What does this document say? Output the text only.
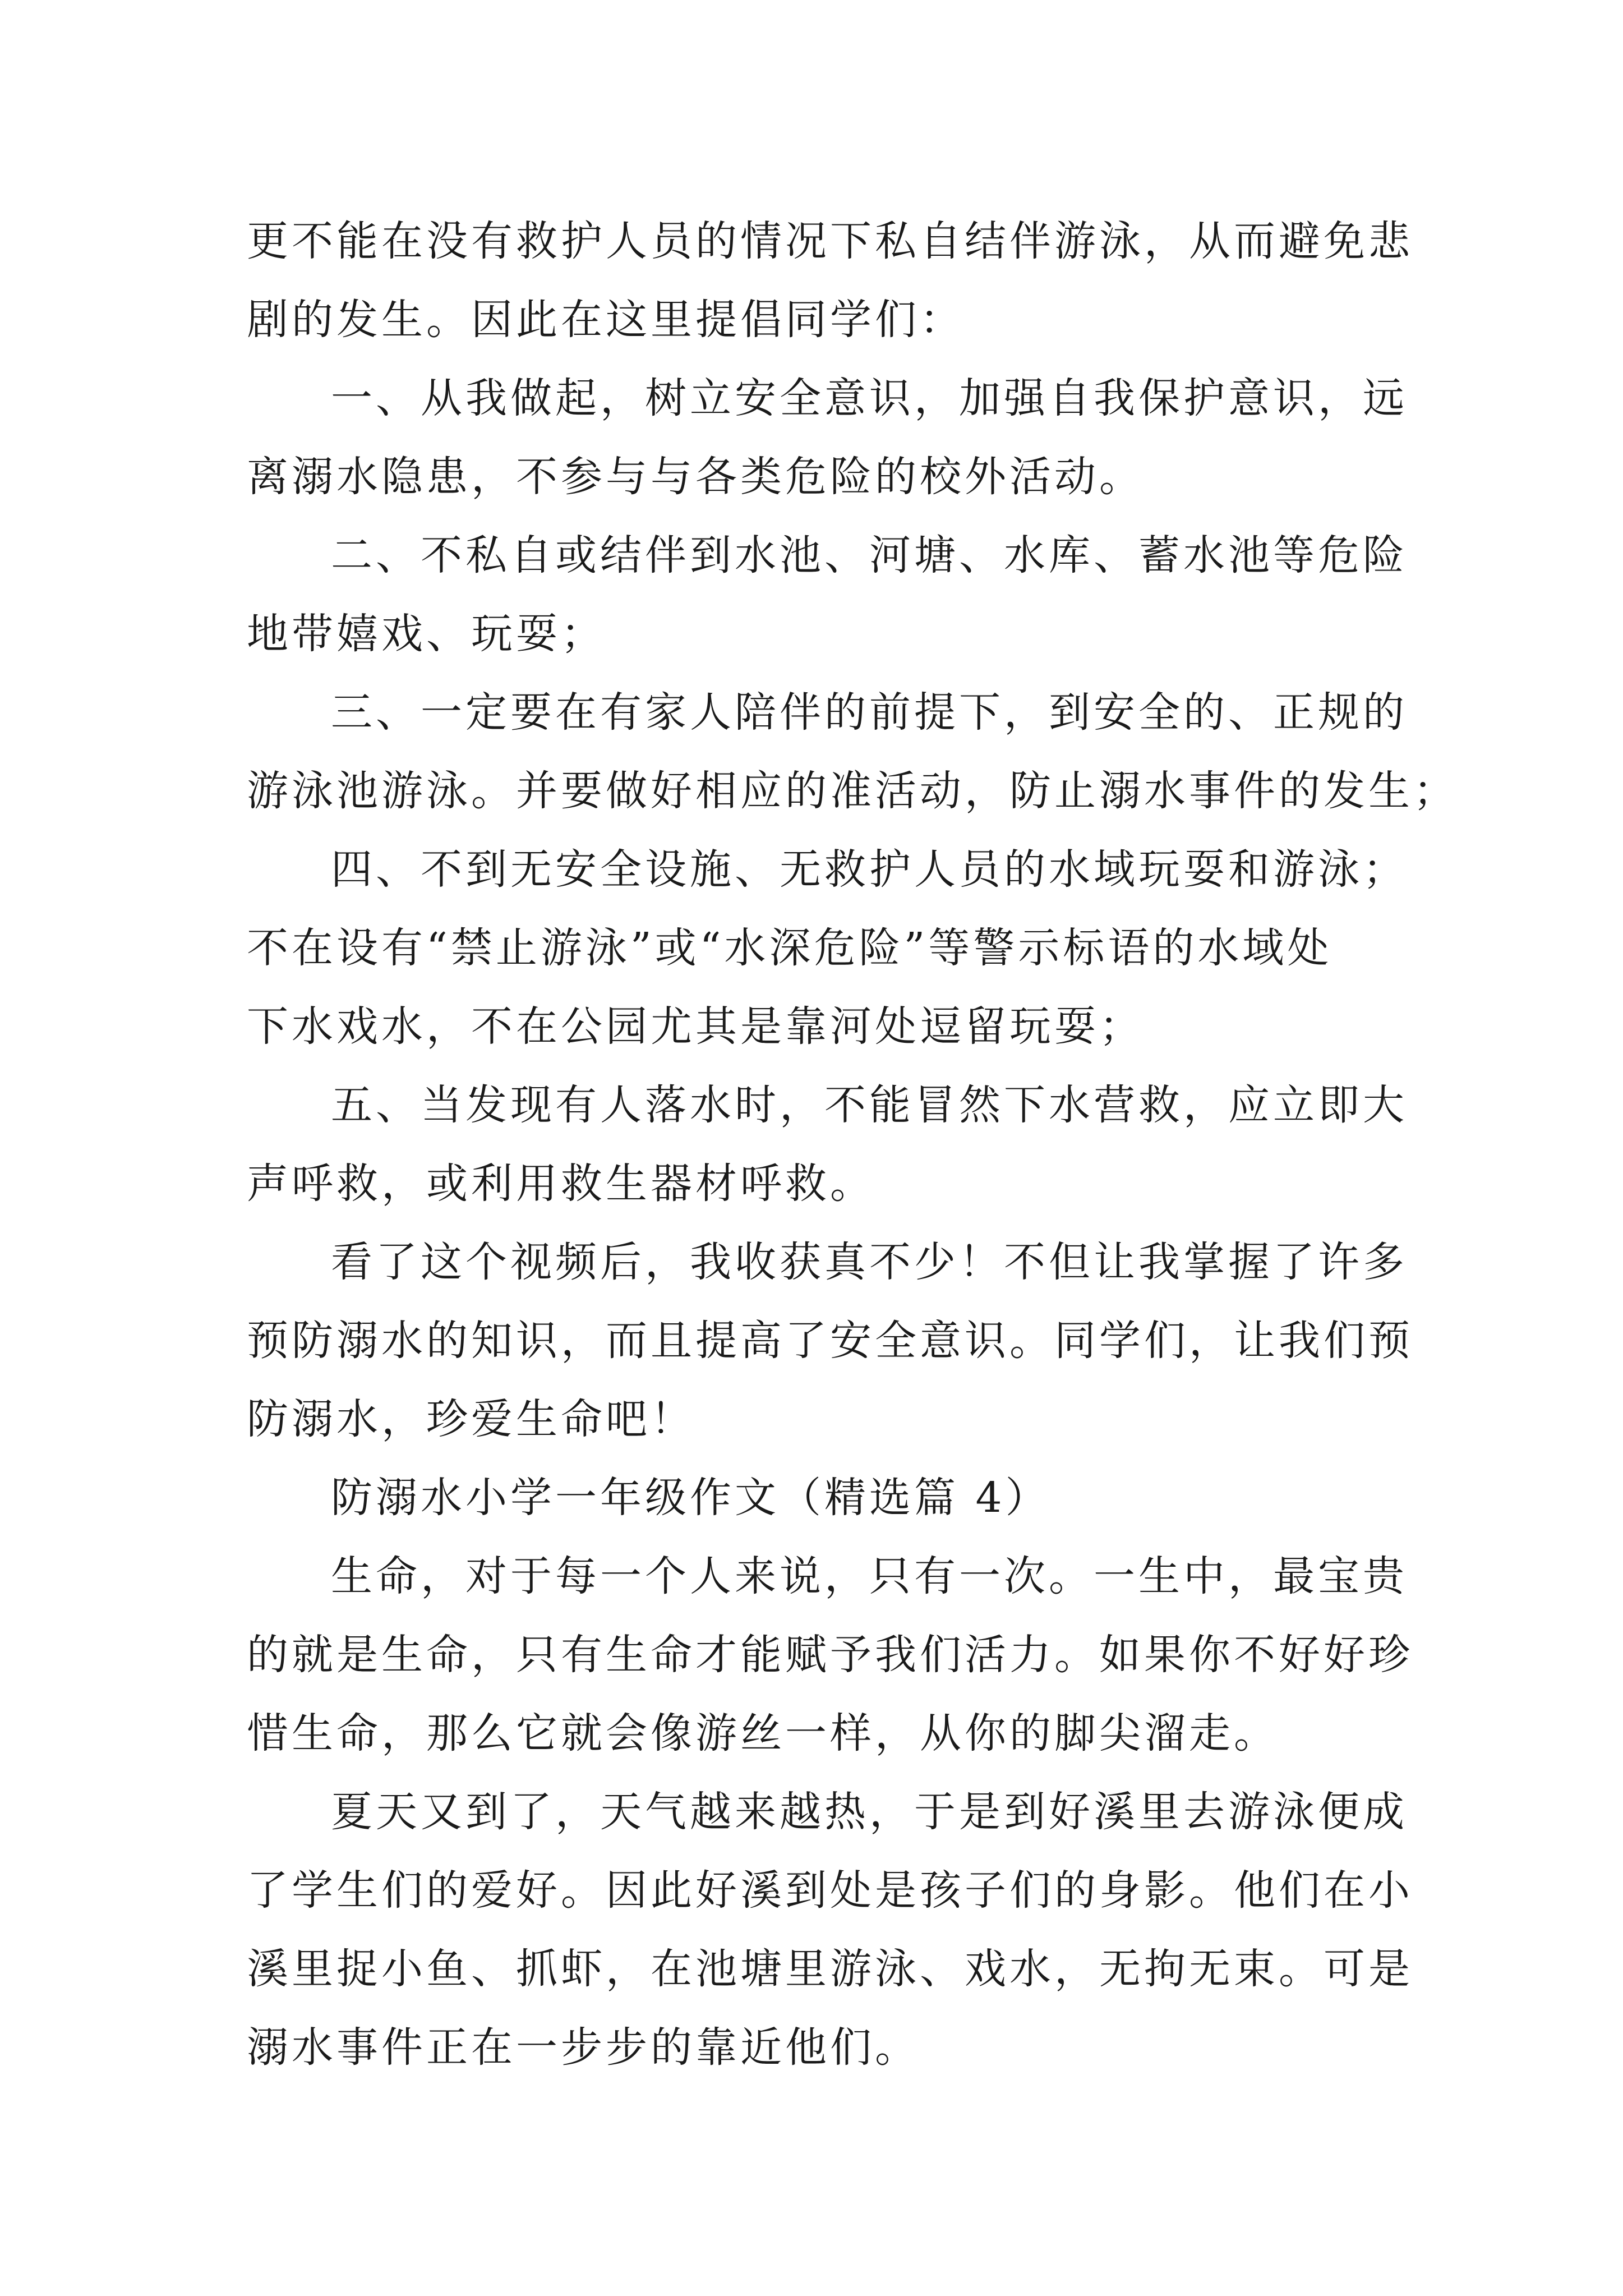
更不能在没有救护人员的情况下私自结伴游泳，从而避免悲
剧的发生。因此在这里提倡同学们：
一、从我做起，树立安全意识，加强自我保护意识，远
离溺水隐患，不参与与各类危险的校外活动。
二、不私自或结伴到水池、河塘、水库、蓄水池等危险
地带嬉戏、玩耍；
三、一定要在有家人陪伴的前提下，到安全的、正规的
游泳池游泳。并要做好相应的准活动，防止溺水事件的发生；
四、不到无安全设施、无救护人员的水域玩耍和游泳；
不在设有“禁止游泳”或“水深危险”等警示标语的水域处
下水戏水，不在公园尤其是靠河处逗留玩耍；
五、当发现有人落水时，不能冒然下水营救，应立即大
声呼救，或利用救生器材呼救。
看了这个视频后，我收获真不少！不但让我掌握了许多
预防溺水的知识，而且提高了安全意识。同学们，让我们预
防溺水，珍爱生命吧！
防溺水小学一年级作文（精选篇 4）
生命，对于每一个人来说，只有一次。一生中，最宝贵
的就是生命，只有生命才能赋予我们活力。如果你不好好珍
惜生命，那么它就会像游丝一样，从你的脚尖溜走。
夏天又到了，天气越来越热，于是到好溪里去游泳便成
了学生们的爱好。因此好溪到处是孩子们的身影。他们在小
溪里捉小鱼、抓虾，在池塘里游泳、戏水，无拘无束。可是
溺水事件正在一步步的靠近他们。
